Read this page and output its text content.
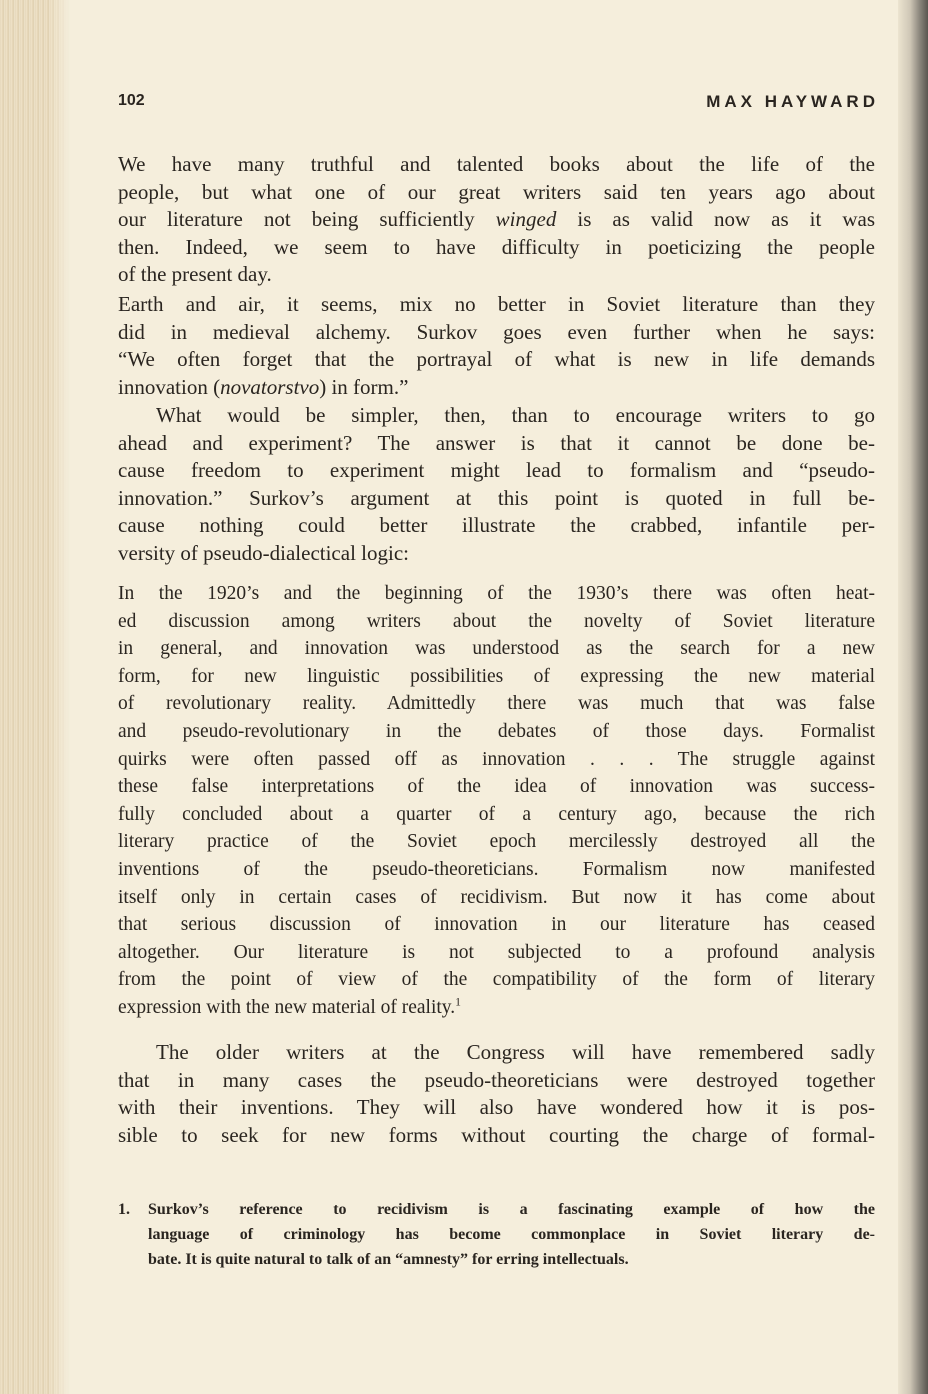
102	MAX HAYWARD
We have many truthful and talented books about the life of the
people, but what one of our great writers said ten years ago about
our literature not being sufficiently winged is as valid now as it was
then. Indeed, we seem to have difficulty in poeticizing the people
of the present day.
Earth and air, it seems, mix no better in Soviet literature than they
did in medieval alchemy. Surkov goes even further when he says:
“We often forget that the portrayal of what is new in life demands
innovation (novatorstvo) in form.”
What would be simpler, then, than to encourage writers to go
ahead and experiment? The answer is that it cannot be done be-
cause freedom to experiment might lead to formalism and “pseudo-
innovation.” Surkov’s argument at this point is quoted in full be-
cause nothing could better illustrate the crabbed, infantile per-
versity of pseudo-dialectical logic:
In the 1920’s and the beginning of the 1930’s there was often heat-
ed discussion among writers about the novelty of Soviet literature
in general, and innovation was understood as the search for a new
form, for new linguistic possibilities of expressing the new material
of revolutionary reality. Admittedly there was much that was false
and pseudo-revolutionary in the debates of those days. Formalist
quirks were often passed off as innovation . . . The struggle against
these false interpretations of the idea of innovation was success-
fully concluded about a quarter of a century ago, because the rich
literary practice of the Soviet epoch mercilessly destroyed all the
inventions of the pseudo-theoreticians. Formalism now manifested
itself only in certain cases of recidivism. But now it has come about
that serious discussion of innovation in our literature has ceased
altogether. Our literature is not subjected to a profound analysis
from the point of view of the compatibility of the form of literary
expression with the new material of reality.$^1$
The older writers at the Congress will have remembered sadly
that in many cases the pseudo-theoreticians were destroyed together
with their inventions. They will also have wondered how it is pos-
sible to seek for new forms without courting the charge of formal-
1. Surkov’s reference to recidivism is a fascinating example of how the
language of criminology has become commonplace in Soviet literary de-
bate. It is quite natural to talk of an “amnesty” for erring intellectuals.
